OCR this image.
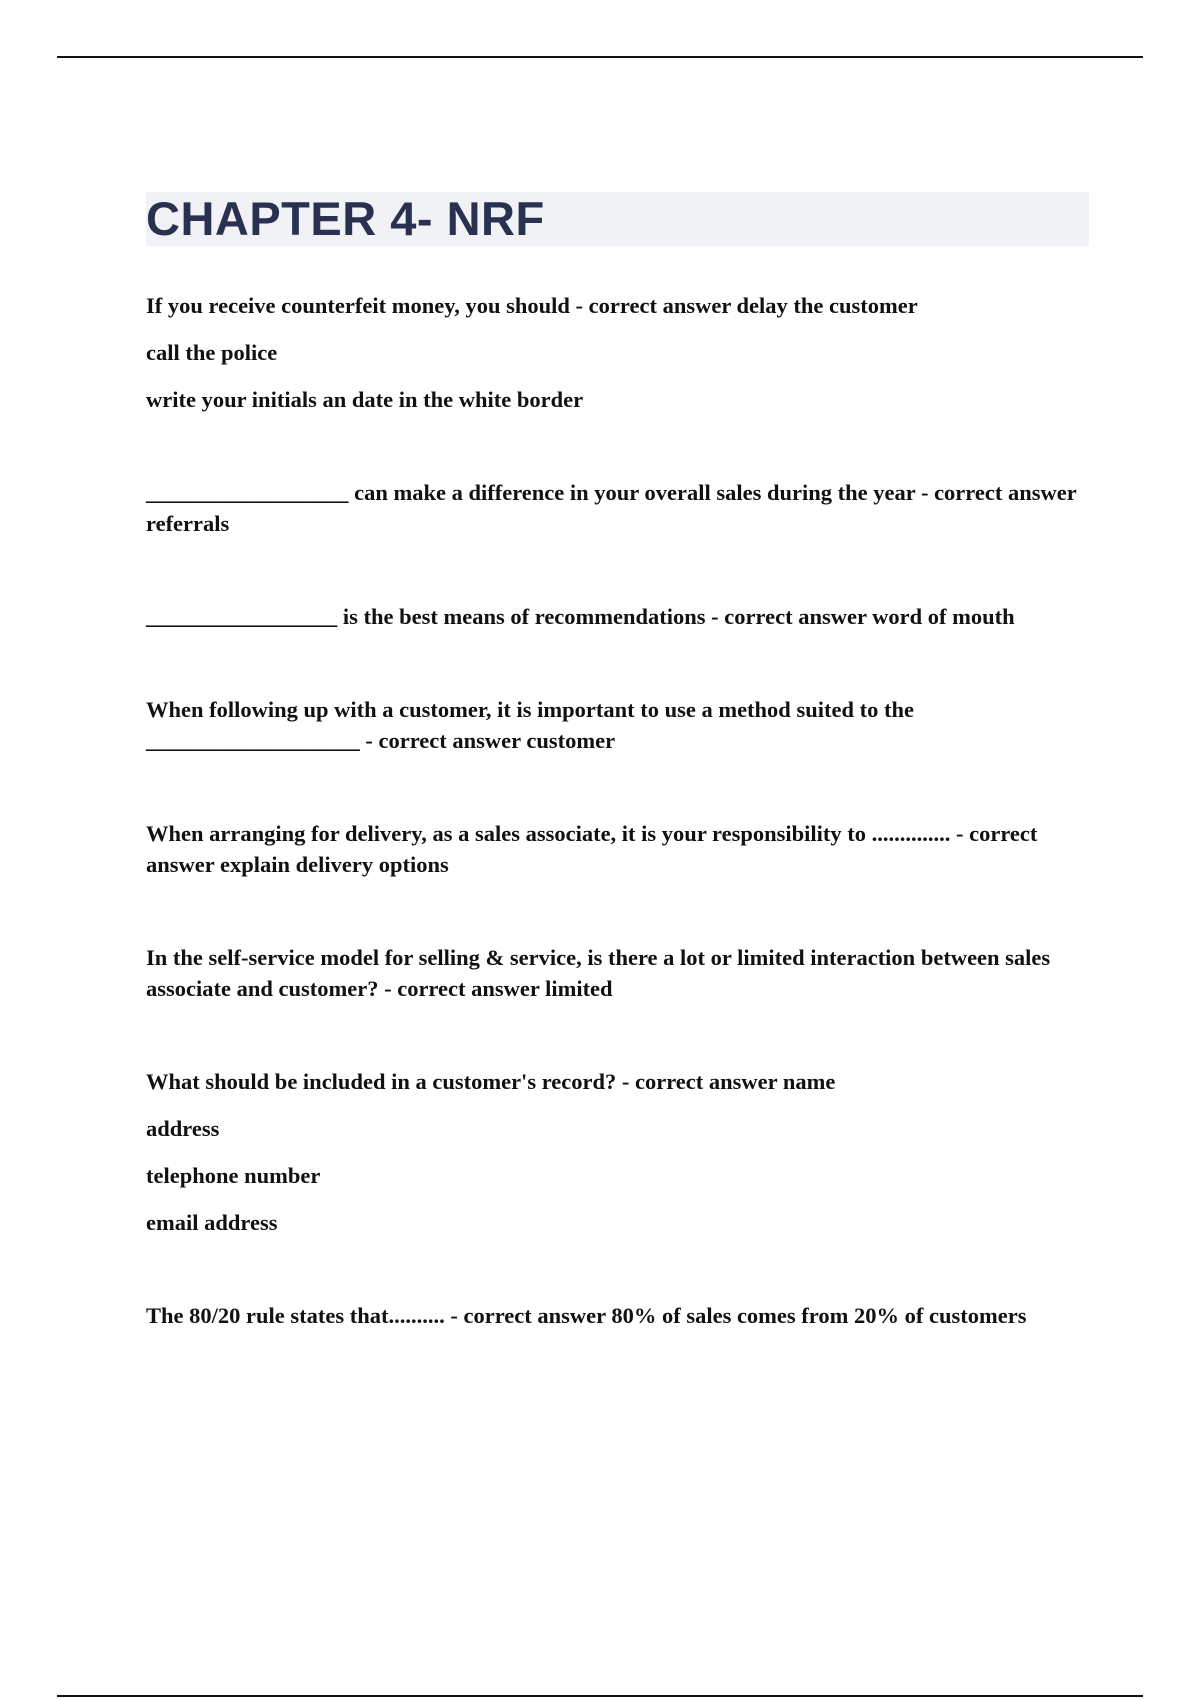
CHAPTER 4- NRF

If you receive counterfeit money, you should - correct answer delay the customer

call the police

write your initials an date in the white border

__________________ can make a difference in your overall sales during the year - correct answer referrals

_________________ is the best means of recommendations - correct answer word of mouth

When following up with a customer, it is important to use a method suited to the ___________________ - correct answer customer

When arranging for delivery, as a sales associate, it is your responsibility to .............. - correct answer explain delivery options

In the self-service model for selling & service, is there a lot or limited interaction between sales associate and customer? - correct answer limited

What should be included in a customer's record? - correct answer name

address

telephone number

email address

The 80/20 rule states that.......... - correct answer 80% of sales comes from 20% of customers
